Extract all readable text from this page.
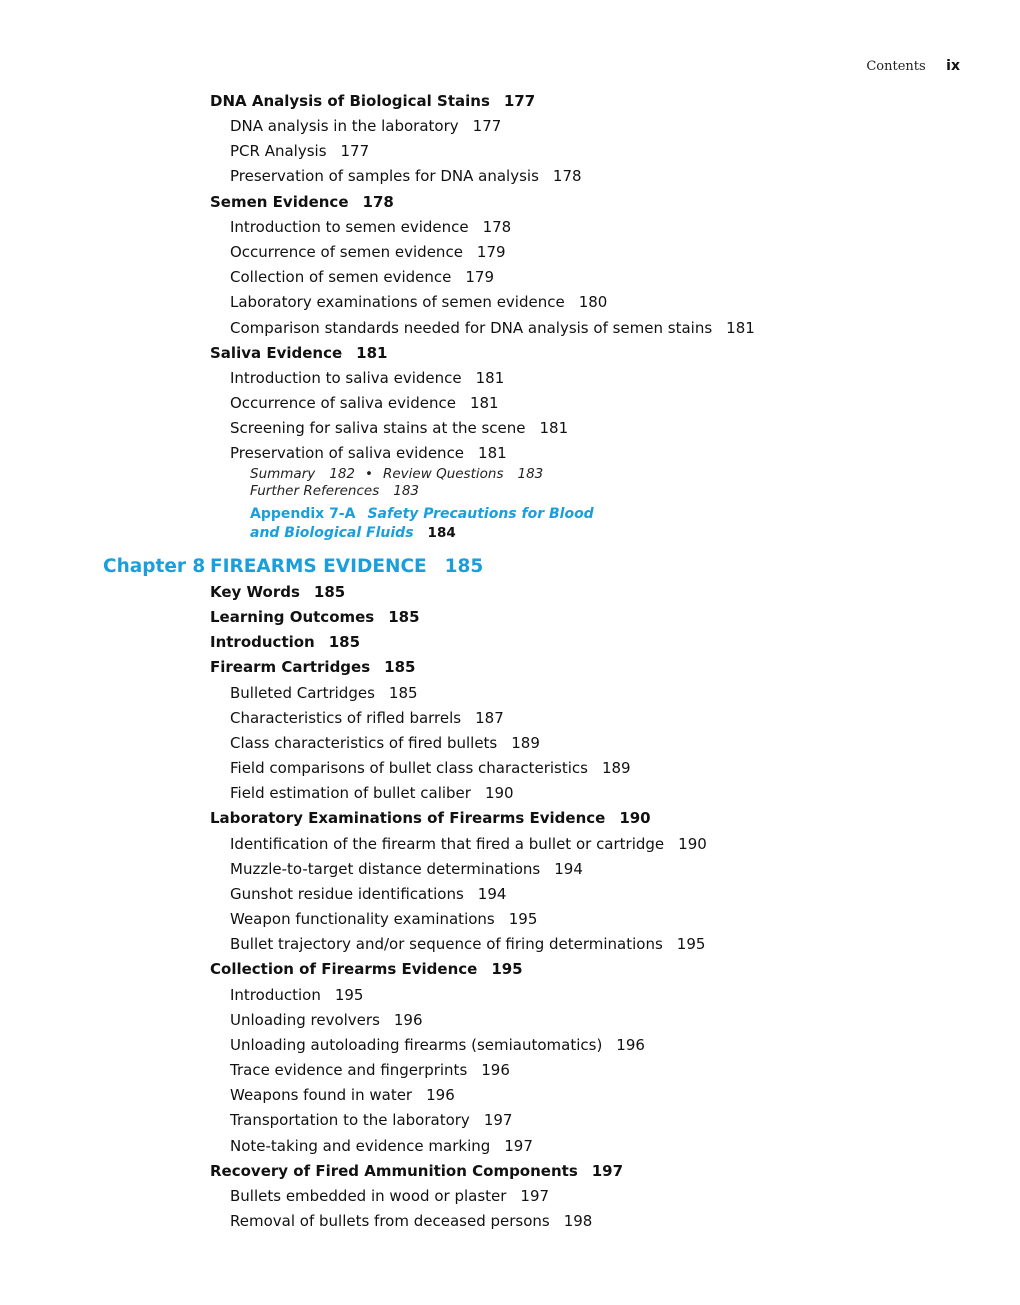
Contents ix
DNA Analysis of Biological Stains 177
DNA analysis in the laboratory 177
PCR Analysis 177
Preservation of samples for DNA analysis 178
Semen Evidence 178
Introduction to semen evidence 178
Occurrence of semen evidence 179
Collection of semen evidence 179
Laboratory examinations of semen evidence 180
Comparison standards needed for DNA analysis of semen stains 181
Saliva Evidence 181
Introduction to saliva evidence 181
Occurrence of saliva evidence 181
Screening for saliva stains at the scene 181
Preservation of saliva evidence 181
Summary 182 • Review Questions 183
Further References 183
Appendix 7-A Safety Precautions for Blood
and Biological Fluids 184
Chapter 8 FIREARMS EVIDENCE 185
Key Words 185
Learning Outcomes 185
Introduction 185
Firearm Cartridges 185
Bulleted Cartridges 185
Characteristics of rifled barrels 187
Class characteristics of fired bullets 189
Field comparisons of bullet class characteristics 189
Field estimation of bullet caliber 190
Laboratory Examinations of Firearms Evidence 190
Identification of the firearm that fired a bullet or cartridge 190
Muzzle-to-target distance determinations 194
Gunshot residue identifications 194
Weapon functionality examinations 195
Bullet trajectory and/or sequence of firing determinations 195
Collection of Firearms Evidence 195
Introduction 195
Unloading revolvers 196
Unloading autoloading firearms (semiautomatics) 196
Trace evidence and fingerprints 196
Weapons found in water 196
Transportation to the laboratory 197
Note-taking and evidence marking 197
Recovery of Fired Ammunition Components 197
Bullets embedded in wood or plaster 197
Removal of bullets from deceased persons 198
